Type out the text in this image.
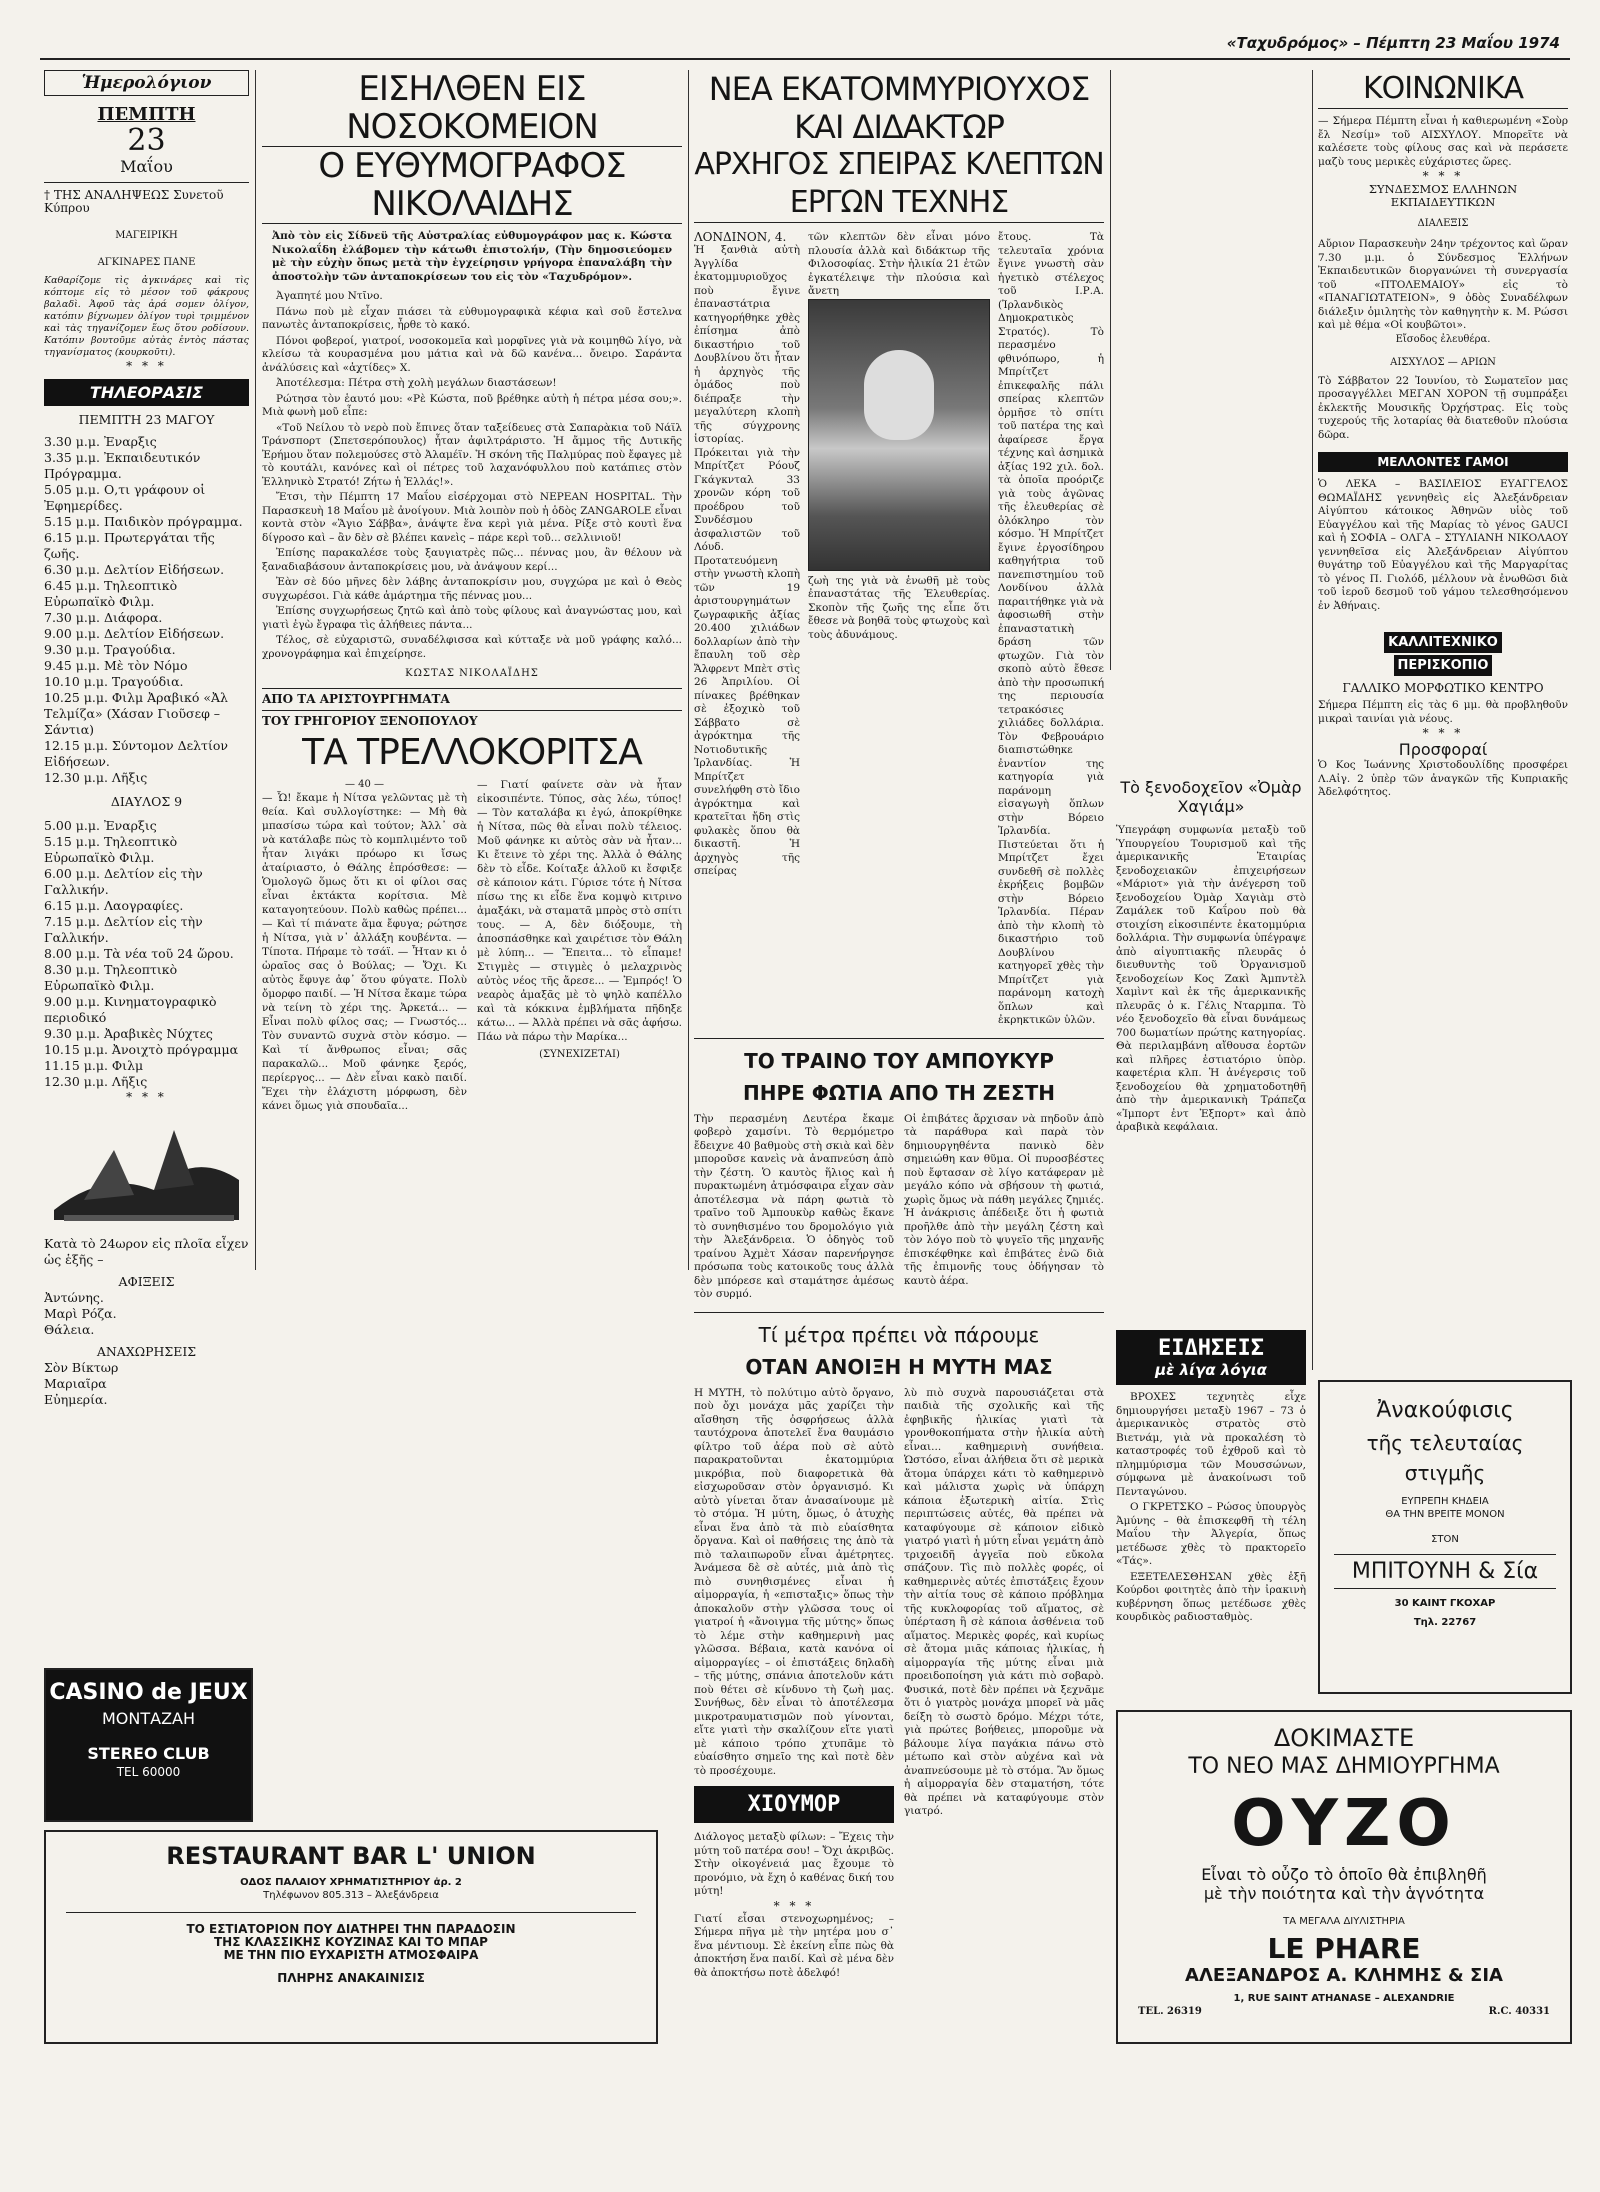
«Ταχυδρόμος» – Πέμπτη 23 Μαΐου 1974
Ἡμερολόγιον
ΠΕΜΠΤΗ
23
Μαΐου
† ΤΗΣ ΑΝΑΛΗΨΕΩΣ Συνετοῦ Κύπρου
ΜΑΓΕΙΡΙΚΗ
ΑΓΚΙΝΑΡΕΣ ΠΑΝΕ
Καθαρίζομε τὶς ἀγκινάρες καὶ τὶς κόπτομε εἰς τὸ μέσον τοῦ φάκρους βαλαδὶ. Ἀφοῦ τὰς ἀρά σομεν ὀλίγον, κατόπιν βίχνωμεν ὀλίγον τυρὶ τριμμένον καὶ τὰς τηγανίζομεν ἕως ὅτου ροδίσουν. Κατόπιν βουτοῦμε αὐτὰς ἐντὸς πάστας τηγανίσματος (κουρκοῦτι).
* * *
ΤΗΛΕΟΡΑΣΙΣ
ΠΕΜΠΤΗ 23 ΜΑΓΟΥ
3.30 μ.μ. Ἐναρξις
3.35 μ.μ. Ἐκπαιδευτικόν Πρόγραμμα.
5.05 μ.μ. Ο,τι γράφουν οἱ Ἐφημερίδες.
5.15 μ.μ. Παιδικὸν πρόγραμμα.
6.15 μ.μ. Πρωτεργάται τῆς ζωῆς.
6.30 μ.μ. Δελτίον Εἰδήσεων.
6.45 μ.μ. Τηλεοπτικὸ Εὐρωπαϊκὸ Φιλμ.
7.30 μ.μ. Διάφορα.
9.00 μ.μ. Δελτίον Εἰδήσεων.
9.30 μ.μ. Τραγούδια.
9.45 μ.μ. Μὲ τὸν Νόμο
10.10 μ.μ. Τραγούδια.
10.25 μ.μ. Φιλμ Ἀραβικό «Ἀλ Τελμίζα» (Χάσαν Γιοῦσεφ – Σάντια)
12.15 μ.μ. Σύντομον Δελτίον Εἰδήσεων.
12.30 μ.μ. Λῆξις
ΔΙΑΥΛΟΣ 9
5.00 μ.μ. Ἐναρξις
5.15 μ.μ. Τηλεοπτικὸ Εὐρωπαϊκὸ Φιλμ.
6.00 μ.μ. Δελτίον εἰς τὴν Γαλλικήν.
6.15 μ.μ. Λαογραφίες.
7.15 μ.μ. Δελτίον εἰς τὴν Γαλλικήν.
8.00 μ.μ. Τὰ νέα τοῦ 24 ὥρου.
8.30 μ.μ. Τηλεοπτικὸ Εὐρωπαϊκὸ Φιλμ.
9.00 μ.μ. Κινηματογραφικὸ περιοδικό
9.30 μ.μ. Ἀραβικὲς Νύχτες
10.15 μ.μ. Ἀνοιχτὸ πρόγραμμα
11.15 μ.μ. Φιλμ
12.30 μ.μ. Λῆξις
* * *
Κατὰ τὸ 24ωρον εἰς πλοῖα εἶχεν ὡς ἑξῆς –
ΑΦΙΞΕΙΣ
Ἀντώνης.
Μαρὶ Ρόζα.
Θάλεια.
ΑΝΑΧΩΡΗΣΕΙΣ
Σὸν Βίκτωρ
Μαριαῖρα
Εὐημερία.
ΕΙΣΗΛΘΕΝ ΕΙΣ ΝΟΣΟΚΟΜΕΙΟΝ
Ο ΕΥΘΥΜΟΓΡΑΦΟΣ ΝΙΚΟΛΑΙΔΗΣ
Ἀπὸ τὸν εἰς Σίδνεϋ τῆς Αὐστραλίας εὐθυμογράφον μας κ. Κώστα Νικολαΐδη ἐλάβομεν τὴν κάτωθι ἐπιστολήν, (Τὴν δημοσιεύομεν μὲ τὴν εὐχὴν ὅπως μετὰ τὴν ἐγχείρησιν γρήγορα ἐπαναλάβη τὴν ἀποστολὴν τῶν ἀνταποκρίσεων του εἰς τὸν «Ταχυδρόμον».
Ἀγαπητέ μου Ντῖνο.
Πάνω ποὺ μὲ εἶχαν πιάσει τὰ εὐθυμογραφικὰ κέφια καὶ σοῦ ἔστελνα πανωτὲς ἀνταποκρίσεις, ἦρθε τὸ κακό.
Πόνοι φοβεροί, γιατροί, νοσοκομεῖα καὶ μορφῖνες γιὰ νὰ κοιμηθῶ λίγο, νὰ κλείσω τὰ κουρασμένα μου μάτια καὶ νὰ δῶ κανένα... ὄνειρο. Σαράντα ἀνάλύσεις καὶ «ἀχτίδες» Χ.
Ἀποτέλεσμα: Πέτρα στὴ χολὴ μεγάλων διαστάσεων!
Ρώτησα τὸν ἑαυτό μου: «Ρὲ Κώστα, ποῦ βρέθηκε αὐτὴ ἡ πέτρα μέσα σου;». Μιὰ φωνὴ μοῦ εἶπε:
«Τοῦ Νείλου τὸ νερὸ ποὺ ἔπινες ὅταν ταξείδευες στὰ Σαπαρὰκια τοῦ Νάϊλ Τράνσπορτ (Σπετσερόπουλος) ἦταν ἀφιλτράριστο. Ἡ ἄμμος τῆς Δυτικῆς Ἐρήμου ὅταν πολεμούσες στὸ Ἀλαμέϊν. Ἡ σκόνη τῆς Παλμύρας ποὺ ἔφαγες μὲ τὸ κουτάλι, κανόνες καὶ οἱ πέτρες τοῦ λαχανόφυλλου ποὺ κατάπιες στὸν Ἑλληνικὸ Στρατό! Ζήτω ἡ Ἑλλάς!».
Ἔτσι, τὴν Πέμπτη 17 Μαΐου εἰσέρχομαι στὸ NEPEAN HOSPITAL. Τὴν Παρασκευὴ 18 Μαΐου μὲ ἀνοίγουν. Μιὰ λοιπὸν ποὺ ἡ ὁδὸς ZANGAROLE εἶναι κοντὰ στὸν «Ἅγιο Σάββα», ἀνάψτε ἕνα κερὶ γιὰ μένα. Ρίξε στὸ κουτὶ ἕνα δίγροσο καὶ – ἂν δὲν σὲ βλέπει κανεὶς – πάρε κερὶ τοῦ... σελλινιοῦ!
Ἐπίσης παρακαλέσε τοὺς ξαυγιατρὲς πῶς... πέννας μου, ἂν θέλουν νὰ ξαναδιαβάσουν ἀνταποκρίσεις μου, νὰ ἀνάψουν κερί...
Ἐὰν σὲ δύο μῆνες δὲν λάβης ἀνταποκρίσιν μου, συγχώρα με καὶ ὁ Θεὸς συγχωρέσοι. Γιὰ κάθε ἁμάρτημα τῆς πέννας μου...
Ἐπίσης συγχωρήσεως ζητῶ καὶ ἀπὸ τοὺς φίλους καὶ ἀναγνώστας μου, καὶ γιατὶ ἐγὼ ἔγραφα τὶς ἀλήθειες πάντα...
Τέλος, σὲ εὐχαριστῶ, συναδέλφισσα καὶ κύτταξε νὰ μοῦ γράφης καλό... χρονογράφημα καὶ ἐπιχείρησε.
ΚΩΣΤΑΣ ΝΙΚΟΛΑΪΔΗΣ
ΑΠΟ ΤΑ ΑΡΙΣΤΟΥΡΓΗΜΑΤΑ
ΤΟΥ ΓΡΗΓΟΡΙΟΥ ΞΕΝΟΠΟΥΛΟΥ
ΤΑ ΤΡΕΛΛΟΚΟΡΙΤΣΑ
— 40 —
— Ὧ! ἔκαμε ἡ Νίτσα γελῶντας μὲ τὴ θεία. Καὶ συλλογίστηκε: — Μὴ θὰ μπασίσω τώρα καὶ τούτον; Ἀλλ᾽ σὰ νὰ κατάλαβε πὼς τὸ κομπλιμέντο τοῦ ἦταν λιγάκι πρόωρο κι ἴσως ἀταίριαστο, ὁ Θάλης ἐπρόσθεσε: — Ὁμολογῶ ὅμως ὅτι κι οἱ φίλοι σας εἶναι ἐκτάκτα κορίτσια. Μὲ καταγοητεύουν. Πολὺ καθὼς πρέπει... — Καὶ τί πιάνατε ἅμα ἔφυγα; ρώτησε ἡ Νίτσα, γιὰ ν᾽ ἀλλάξη κουβέντα. — Τίποτα. Πήραμε τὸ τσάϊ. — Ἦταν κι ὁ ὡραῖος σας ὁ Βούλας; — Ὄχι. Κι αὐτὸς ἔφυγε ἀφ᾽ ὅτου φύγατε. Πολὺ ὄμορφο παιδί. — Ἡ Νίτσα ἔκαμε τώρα νὰ τείνη τὸ χέρι της. Ἀρκετά... — Εἶναι πολὺ φίλος σας; — Γνωστός... Τὸν συναντῶ συχνὰ στὸν κόσμο. — Καὶ τί ἄνθρωπος εἶναι; σᾶς παρακαλῶ... Μοῦ φάνηκε ξερός, περίεργος... — Δὲν εἶναι κακὸ παιδί. Ἔχει τὴν ἐλάχιστη μόρφωση, δὲν κάνει ὅμως γιὰ σπουδαῖα...
— Γιατί φαίνετε σὰν νὰ ἦταν εἰκοσιπέντε. Τύπος, σὰς λέω, τύπος! — Τὸν καταλάβα κι ἐγώ, ἀποκρίθηκε ἡ Νίτσα, πῶς θὰ εἶναι πολὺ τέλειος. Μοῦ φάνηκε κι αὐτὸς σὰν νὰ ἦταν... Κι ἔτεινε τὸ χέρι της. Ἀλλὰ ὁ Θάλης δὲν τὸ εἶδε. Κοίταξε ἀλλοῦ κι ἔσφιξε σὲ κάποιον κάτι. Γύρισε τότε ἡ Νίτσα πίσω της κι εἶδε ἕνα κομψὸ κιτρινο ἁμαξάκι, νὰ σταματᾶ μπρὸς στὸ σπίτι τους. — Α, δὲν διόξουμε, τὴ ἀποσπάσθηκε καὶ χαιρέτισε τὸν Θάλη μὲ λύπη... — Ἔπειτα... τὸ εἶπαμε! Στιγμὲς — στιγμὲς ὁ μελαχρινὸς αὐτὸς νέος τῆς ἄρεσε... — Ἐμπρός! Ὁ νεαρὸς ἀμαξᾶς μὲ τὸ ψηλὸ καπέλλο καὶ τὰ κόκκινα ἐμβλήματα πῆδηξε κάτω... — Ἀλλὰ πρέπει νὰ σᾶς ἀφήσω. Πάω νὰ πάρω τὴν Μαρίκα...
(ΣΥΝΕΧΙΖΕΤΑΙ)
ΝΕΑ ΕΚΑΤΟΜΜΥΡΙΟΥΧΟΣ ΚΑΙ ΔΙΔΑΚΤΩΡ
ΑΡΧΗΓΟΣ ΣΠΕΙΡΑΣ ΚΛΕΠΤΩΝ ΕΡΓΩΝ ΤΕΧΝΗΣ
ΛΟΝΔΙΝΟΝ, 4.
Ἡ ξανθιὰ αὐτὴ Ἀγγλίδα ἑκατομμυριοῦχος ποὺ ἔγινε ἐπαναστάτρια κατηγορήθηκε χθὲς ἐπίσημα ἀπὸ δικαστήριο τοῦ Δουβλίνου ὅτι ἦταν ἡ ἀρχηγὸς τῆς ὁμάδος ποὺ διέπραξε τὴν μεγαλύτερη κλοπὴ τῆς σύγχρονης ἱστορίας. Πρόκειται γιὰ τὴν Μπρίτζετ Ρόουζ Γκάγκνταλ 33 χρονῶν κόρη τοῦ προέδρου τοῦ Συνδέσμου ἀσφαλιστῶν τοῦ Λόυδ. Προτατευόμενη στὴν γνωστὴ κλοπὴ τῶν 19 ἀριστουργημάτων ζωγραφικῆς ἀξίας 20.400 χιλιάδων δολλαρίων ἀπὸ τὴν ἔπαυλη τοῦ σὲρ Ἄλφρεντ Μπὲτ στὶς 26 Ἀπριλίου. Οἱ πίνακες βρέθηκαν σὲ ἐξοχικὸ τοῦ Σάββατο σὲ ἀγρόκτημα τῆς Νοτιοδυτικῆς Ἰρλανδίας. Ἡ Μπρίτζετ συνελήφθη στὸ ἴδιο ἀγρόκτημα καὶ κρατεῖται ἤδη στὶς φυλακὲς ὅπου θὰ δικαστῆ. Ἡ ἀρχηγὸς τῆς σπείρας
τῶν κλεπτῶν δὲν εἶναι μόνο πλουσία ἀλλὰ καὶ διδάκτωρ τῆς Φιλοσοφίας. Στὴν ἡλικία 21 ἐτῶν ἐγκατέλειψε τὴν πλούσια καὶ ἄνετη
ζωὴ της γιὰ νὰ ἑνωθῆ μὲ τοὺς ἐπαναστάτας τῆς Ἐλευθερίας. Σκοπὸν τῆς ζωῆς της εἶπε ὅτι ἔθεσε νὰ βοηθᾶ τοὺς φτωχοὺς καὶ τοὺς ἀδυνάμους.
ἔτους. Τὰ τελευταῖα χρόνια ἔγινε γνωστὴ σὰν ἡγετικὸ στέλεχος τοῦ Ι.Ρ.Α. (Ἰρλανδικὸς Δημοκρατικὸς Στρατός). Τὸ περασμένο φθινόπωρο, ἡ Μπρίτζετ ἐπικεφαλῆς πάλι σπείρας κλεπτῶν ὁρμῆσε τὸ σπίτι τοῦ πατέρα της καὶ ἀφαίρεσε ἔργα τέχνης καὶ ἀσημικὰ ἀξίας 192 χιλ. δολ. τὰ ὁποῖα προόριζε γιὰ τοὺς ἀγῶνας τῆς ἐλευθερίας σὲ ὁλόκληρο τὸν κόσμο. Ἡ Μπρίτζετ ἔγινε ἐργοσίδηρου καθηγήτρια τοῦ πανεπιστημίου τοῦ Λονδίνου ἀλλὰ παραιτήθηκε γιὰ νὰ ἀφοσιωθῆ στὴν ἐπαναστατικὴ δράση τῶν φτωχῶν. Γιὰ τὸν σκοπὸ αὐτὸ ἔθεσε ἀπὸ τὴν προσωπική της περιουσία τετρακόσιες χιλιάδες δολλάρια. Τὸν Φεβρουάριο διαπιστώθηκε ἐναντίον της κατηγορία γιὰ παράνομη εἰσαγωγὴ ὅπλων στὴν Βόρειο Ἰρλανδία. Πιστεύεται ὅτι ἡ Μπρίτζετ ἔχει συνδεθῆ σὲ πολλὲς ἐκρήξεις βομβῶν στὴν Βόρειο Ἰρλανδία. Πέραν ἀπὸ τὴν κλοπὴ τὸ δικαστήριο τοῦ Δουβλίνου κατηγορεῖ χθὲς τὴν Μπρίτζετ γιὰ παράνομη κατοχὴ ὅπλων καὶ ἐκρηκτικῶν ὑλῶν.
ΤΟ ΤΡΑΙΝΟ ΤΟΥ ΑΜΠΟΥΚΥΡ
ΠΗΡΕ ΦΩΤΙΑ ΑΠΟ ΤΗ ΖΕΣΤΗ
Τὴν περασμένη Δευτέρα ἔκαμε φοβερὸ χαμσίνι. Τὸ θερμόμετρο ἔδειχνε 40 βαθμοὺς στὴ σκιὰ καὶ δὲν μποροῦσε κανεὶς νὰ ἀναπνεύση ἀπὸ τὴν ζέστη. Ὁ καυτὸς ἥλιος καὶ ἡ πυρακτωμένη ἀτμόσφαιρα εἶχαν σὰν ἀποτέλεσμα νὰ πάρη φωτιὰ τὸ τραῖνο τοῦ Ἀμπουκὺρ καθὼς ἔκανε τὸ συνηθισμένο του δρομολόγιο γιὰ τὴν Ἀλεξάνδρεια. Ὁ ὁδηγὸς τοῦ τραίνου Ἀχμὲτ Χάσαν παρενήργησε πρόσωπα τοὺς κατοικοῦς τους ἀλλὰ δὲν μπόρεσε καὶ σταμάτησε ἀμέσως τὸν συρμό.
Οἱ ἐπιβάτες ἄρχισαν νὰ πηδοῦν ἀπὸ τὰ παράθυρα καὶ παρὰ τὸν δημιουργηθέντα πανικὸ δὲν σημειώθη καν θῦμα. Οἱ πυροσβέστες ποὺ ἔφτασαν σὲ λίγο κατάφεραν μὲ μεγάλο κόπο νὰ σβήσουν τὴ φωτιά, χωρὶς ὅμως νὰ πάθη μεγάλες ζημιές. Ἡ ἀνάκρισις ἀπέδειξε ὅτι ἡ φωτιὰ προῆλθε ἀπὸ τὴν μεγάλη ζέστη καὶ τὸν λόγο ποὺ τὸ ψυγεῖο τῆς μηχανῆς ἐπισκέφθηκε καὶ ἐπιβάτες ἐνῶ διὰ τῆς ἐπιμονῆς τους ὁδήγησαν τὸ καυτὸ ἀέρα.
Τί μέτρα πρέπει νὰ πάρουμε
ΟΤΑΝ ΑΝΟΙΞΗ Η ΜΥΤΗ ΜΑΣ
Η ΜΥΤΗ, τὸ πολύτιμο αὐτὸ ὄργανο, ποὺ ὄχι μονάχα μᾶς χαρίζει τὴν αἴσθηση τῆς ὀσφρήσεως ἀλλὰ ταυτόχρονα ἀποτελεῖ ἕνα θαυμάσιο φίλτρο τοῦ ἀέρα ποὺ σὲ αὐτὸ παρακρατοῦνται ἑκατομμύρια μικρόβια, ποὺ διαφορετικὰ θὰ εἰσχωροῦσαν στὸν ὀργανισμό. Κι αὐτὸ γίνεται ὅταν ἀνασαίνουμε μὲ τὸ στόμα. Ἡ μύτη, ὅμως, ὁ ἀτυχὴς εἶναι ἕνα ἀπὸ τὰ πιὸ εὐαίσθητα ὄργανα. Καὶ οἱ παθήσεις της ἀπὸ τὰ πιὸ ταλαιπωροῦν εἶναι ἀμέτρητες. Ἀνάμεσα δὲ σὲ αὐτές, μιὰ ἀπὸ τὶς πιὸ συνηθισμένες εἶναι ἡ αἱμορραγία, ἡ «επισταξις» ὅπως τὴν ἀποκαλοῦν στὴν γλῶσσα τους οἱ γιατροί ἡ «ἄνοιγμα τῆς μύτης» ὅπως τὸ λέμε στὴν καθημερινὴ μας γλῶσσα. Βέβαια, κατὰ κανόνα οἱ αἱμορραγίες – οἱ ἐπιστάξεις δηλαδὴ – τῆς μύτης, σπάνια ἀποτελοῦν κάτι ποὺ θέτει σὲ κίνδυνο τὴ ζωὴ μας. Συνήθως, δὲν εἶναι τὸ ἀποτέλεσμα μικροτραυματισμῶν ποὺ γίνονται, εἴτε γιατὶ τὴν σκαλίζουν εἴτε γιατὶ μὲ κάποιο τρόπο χτυπᾶμε τὸ εὐαίσθητο σημεῖο της καὶ ποτὲ δὲν τὸ προσέχουμε.
ΧΙΟΥΜΟΡ
Διάλογος μεταξὺ φίλων: – Ἔχεις τὴν μύτη τοῦ πατέρα σου! – Ὄχι ἀκριβῶς. Στὴν οἰκογένειά μας ἔχουμε τὸ προνόμιο, νὰ ἔχη ὁ καθένας δική του μύτη!
* * *
Γιατί εἶσαι στενοχωρημένος; – Σήμερα πῆγα μὲ τὴν μητέρα μου σ᾽ ἕνα μέντιουμ. Σὲ ἐκείνη εἶπε πὼς θὰ ἀποκτήση ἕνα παιδί. Καὶ σὲ μένα δὲν θὰ ἀποκτήσω ποτὲ ἀδελφό!
λὺ πιὸ συχνὰ παρουσιάζεται στὰ παιδιὰ τῆς σχολικῆς καὶ τῆς ἐφηβικῆς ἡλικίας γιατὶ τὰ γρονθοκοπήματα στὴν ἡλικία αὐτὴ εἶναι... καθημερινὴ συνήθεια. Ὡστόσο, εἶναι ἀλήθεια ὅτι σὲ μερικὰ ἄτομα ὑπάρχει κάτι τὸ καθημερινὸ καὶ μάλιστα χωρὶς νὰ ὑπάρχη κάποια ἐξωτερικὴ αἰτία. Στὶς περιπτώσεις αὐτές, θὰ πρέπει νὰ καταφύγουμε σὲ κάποιον εἰδικὸ γιατρό γιατὶ ἡ μύτη εἶναι γεμάτη ἀπὸ τριχοειδῆ ἀγγεῖα ποὺ εὔκολα σπάζουν. Τὶς πιὸ πολλὲς φορές, οἱ καθημερινὲς αὐτές ἐπιστάξεις ἔχουν τὴν αἰτία τους σὲ κάποιο πρόβλημα τῆς κυκλοφορίας τοῦ αἵματος, σὲ ὑπέρταση ἢ σὲ κάποια ἀσθένεια τοῦ αἵματος. Μερικὲς φορές, καὶ κυρίως σὲ ἄτομα μιᾶς κάποιας ἡλικίας, ἡ αἱμορραγία τῆς μύτης εἶναι μιὰ προειδοποίηση γιὰ κάτι πιὸ σοβαρὸ. Φυσικά, ποτὲ δὲν πρέπει νὰ ξεχνᾶμε ὅτι ὁ γιατρὸς μονάχα μπορεῖ νὰ μᾶς δείξη τὸ σωστὸ δρόμο. Μέχρι τότε, γιὰ πρώτες βοήθειες, μποροῦμε νὰ βάλουμε λίγα παγάκια πάνω στὸ μέτωπο καὶ στὸν αὐχένα καὶ νὰ ἀναπνεύσουμε μὲ τὸ στόμα. Ἂν ὅμως ἡ αἱμορραγία δὲν σταματήση, τότε θὰ πρέπει νὰ καταφύγουμε στὸν γιατρό.
Τὸ ξενοδοχεῖον «Ὀμὰρ Χαγιάμ»
Ὑπεγράφη συμφωνία μεταξὺ τοῦ Ὑπουργείου Τουρισμοῦ καὶ τῆς ἀμερικανικῆς Ἑταιρίας ξενοδοχειακῶν ἐπιχειρήσεων «Μάριοτ» γιὰ τὴν ἀνέγερση τοῦ ξενοδοχείου Ὀμὰρ Χαγιὰμ στὸ Ζαμάλεκ τοῦ Καΐρου ποὺ θὰ στοιχίση εἰκοσιπέντε ἑκατομμύρια δολλάρια. Τὴν συμφωνία ὑπέγραψε ἀπὸ αἰγυπτιακῆς πλευρᾶς ὁ διευθυντὴς τοῦ Ὀργανισμοῦ ξενοδοχείων Κος Ζακὶ Ἀμπντὲλ Χαμὶντ καὶ ἐκ τῆς ἀμερικανικῆς πλευρᾶς ὁ κ. Γέλις Νταρμπα. Τὸ νέο ξενοδοχεῖο θὰ εἶναι δυνάμεως 700 δωματίων πρώτης κατηγορίας. Θὰ περιλαμβάνη αἴθουσα ἑορτῶν καὶ πλῆρες ἐστιατόριο ὑπὸρ. καφετέρια κλπ. Ἡ ἀνέγερσις τοῦ ξενοδοχείου θὰ χρηματοδοτηθῆ ἀπὸ τὴν ἀμερικανικὴ Τράπεζα «Ἰμπορτ ἐντ Ἐξπορτ» καὶ ἀπὸ ἀραβικὰ κεφάλαια.
ΕΙΔΗΣΕΙΣ
μὲ λίγα λόγια
ΒΡΟΧΕΣ τεχνητὲς εἶχε δημιουργήσει μεταξὺ 1967 – 73 ὁ ἀμερικανικὸς στρατὸς στὸ Βιετνάμ, γιὰ νὰ προκαλέση τὸ καταστροφές τοῦ ἐχθροῦ καὶ τὸ πλημμύρισμα τῶν Μουσσώνων, σύμφωνα μὲ ἀνακοίνωσι τοῦ Πενταγώνου.
Ο ΓΚΡΕΤΣΚΟ – Ρώσος ὑπουργὸς Ἀμύνης – θὰ ἐπισκεφθῆ τὴ τέλη Μαΐου τὴν Ἀλγερία, ὅπως μετέδωσε χθὲς τὸ πρακτορεῖο «Τάς».
ΕΞΕΤΕΛΕΣΘΗΣΑΝ χθὲς ἑξῆ Κούρδοι φοιτητὲς ἀπὸ τὴν ἰρακινὴ κυβέρνηση ὅπως μετέδωσε χθὲς κουρδικὸς ραδιοσταθμὸς.
ΚΟΙΝΩΝΙΚΑ
— Σήμερα Πέμπτη εἶναι ἡ καθιερωμένη «Σοὺρ ἔλ Νεσίμ» τοῦ ΑΙΣΧΥΛΟΥ. Μπορεῖτε νὰ καλέσετε τοὺς φίλους σας καὶ νὰ περάσετε μαζὺ τους μερικὲς εὐχάριστες ὥρες.
* * *
ΣΥΝΔΕΣΜΟΣ ΕΛΛΗΝΩΝ ΕΚΠΑΙΔΕΥΤΙΚΩΝ
ΔΙΑΛΕΞΙΣ
Αὔριον Παρασκευὴν 24ην τρέχοντος καὶ ὥραν 7.30 μ.μ. ὁ Σύνδεσμος Ἑλλήνων Ἐκπαιδευτικῶν διοργανώνει τὴ συνεργασία τοῦ «ΠΤΟΛΕΜΑΙΟΥ» εἰς τὸ «ΠΑΝΑΓΙΩΤΑΤΕΙΟΝ», 9 ὁδὸς Συναδέλφων διάλεξιν ὁμιλητὴς τὸν καθηγητὴν κ. Μ. Ρώσσι καὶ μὲ θέμα «Οἱ κουβῶτοι».
Εἴσοδος ἐλευθέρα.
ΑΙΣΧΥΛΟΣ — ΑΡΙΩΝ
Τὸ Σάββατον 22 Ἰουνίου, τὸ Σωματεῖον μας προσαγγέλλει ΜΕΓΑΝ ΧΟΡΟΝ τῇ συμπράξει ἐκλεκτῆς Μουσικῆς Ὀρχήστρας. Εἰς τοὺς τυχερούς τῆς λοταρίας θὰ διατεθοῦν πλούσια δῶρα.
ΜΕΛΛΟΝΤΕΣ ΓΑΜΟΙ
Ὁ ΛΕΚΑ – ΒΑΣΙΛΕΙΟΣ ΕΥΑΓΓΕΛΟΣ ΘΩΜΑΪΔΗΣ γεννηθεὶς εἰς Ἀλεξάνδρειαν Αἰγύπτου κάτοικος Ἀθηνῶν υἱὸς τοῦ Εὐαγγέλου καὶ τῆς Μαρίας τὸ γένος GAUCI καὶ ἡ ΣΟΦΙΑ – ΟΛΓΑ – ΣΤΥΛΙΑΝΗ ΝΙΚΟΛΑΟΥ γεννηθεῖσα εἰς Ἀλεξάνδρειαν Αἰγύπτου θυγάτηρ τοῦ Εὐαγγέλου καὶ τῆς Μαργαρίτας τὸ γένος Π. Γιολόδ, μέλλουν νὰ ἐνωθῶσι διὰ τοῦ ἱεροῦ δεσμοῦ τοῦ γάμου τελεσθησόμενου ἐν Ἀθήναις.
ΚΑΛΛΙΤΕΧΝΙΚΟ
ΠΕΡΙΣΚΟΠΙΟ
ΓΑΛΛΙΚΟ ΜΟΡΦΩΤΙΚΟ ΚΕΝΤΡΟ
Σήμερα Πέμπτη εἰς τὰς 6 μμ. θὰ προβληθοῦν μικραὶ ταινίαι γιὰ νέους.
* * *
Προσφοραί
Ὁ Κος Ἰωάννης Χριστοδουλίδης προσφέρει Λ.Αἰγ. 2 ὑπὲρ τῶν ἀναγκῶν τῆς Κυπριακῆς Ἀδελφότητος.
Ἀνακούφισις
τῆς τελευταίας
στιγμῆς
ΕΥΠΡΕΠΗ ΚΗΔΕΙΑ
ΘΑ ΤΗΝ ΒΡΕΙΤΕ ΜΟΝΟΝ
ΣΤΟΝ
ΜΠΙΤΟΥΝΗ & Σία
30 ΚΑΙΝΤ ΓΚΟΧΑΡ
Τηλ. 22767
CASINO de JEUX
ΜΟΝΤΑΖΑΗ
STEREO CLUB
TEL 60000
RESTAURANT BAR L' UNION
ΟΔΟΣ ΠΑΛΑΙΟΥ ΧΡΗΜΑΤΙΣΤΗΡΙΟΥ ἀρ. 2
Τηλέφωνον 805.313 – Ἀλεξάνδρεια
ΤΟ ΕΣΤΙΑΤΟΡΙΟΝ ΠΟΥ ΔΙΑΤΗΡΕΙ ΤΗΝ ΠΑΡΑΔΟΣΙΝ
ΤΗΣ ΚΛΑΣΣΙΚΗΣ ΚΟΥΖΙΝΑΣ ΚΑΙ ΤΟ ΜΠΑΡ
ΜΕ ΤΗΝ ΠΙΟ ΕΥΧΑΡΙΣΤΗ ΑΤΜΟΣΦΑΙΡΑ
ΠΛΗΡΗΣ ΑΝΑΚΑΙΝΙΣΙΣ
ΔΟΚΙΜΑΣΤΕ
ΤΟ ΝΕΟ ΜΑΣ ΔΗΜΙΟΥΡΓΗΜΑ
ΟΥΖΟ
Εἶναι τὸ οὖζο τὸ ὁποῖο θὰ ἐπιβληθῆ
μὲ τὴν ποιότητα καὶ τὴν ἁγνότητα
ΤΑ ΜΕΓΑΛΑ ΔΙΥΛΙΣΤΗΡΙΑ
LE PHARE
ΑΛΕΞΑΝΔΡΟΣ Α. ΚΛΗΜΗΣ & ΣΙΑ
1, RUE SAINT ATHANASE – ALEXANDRIE
TEL. 26319	R.C. 40331
